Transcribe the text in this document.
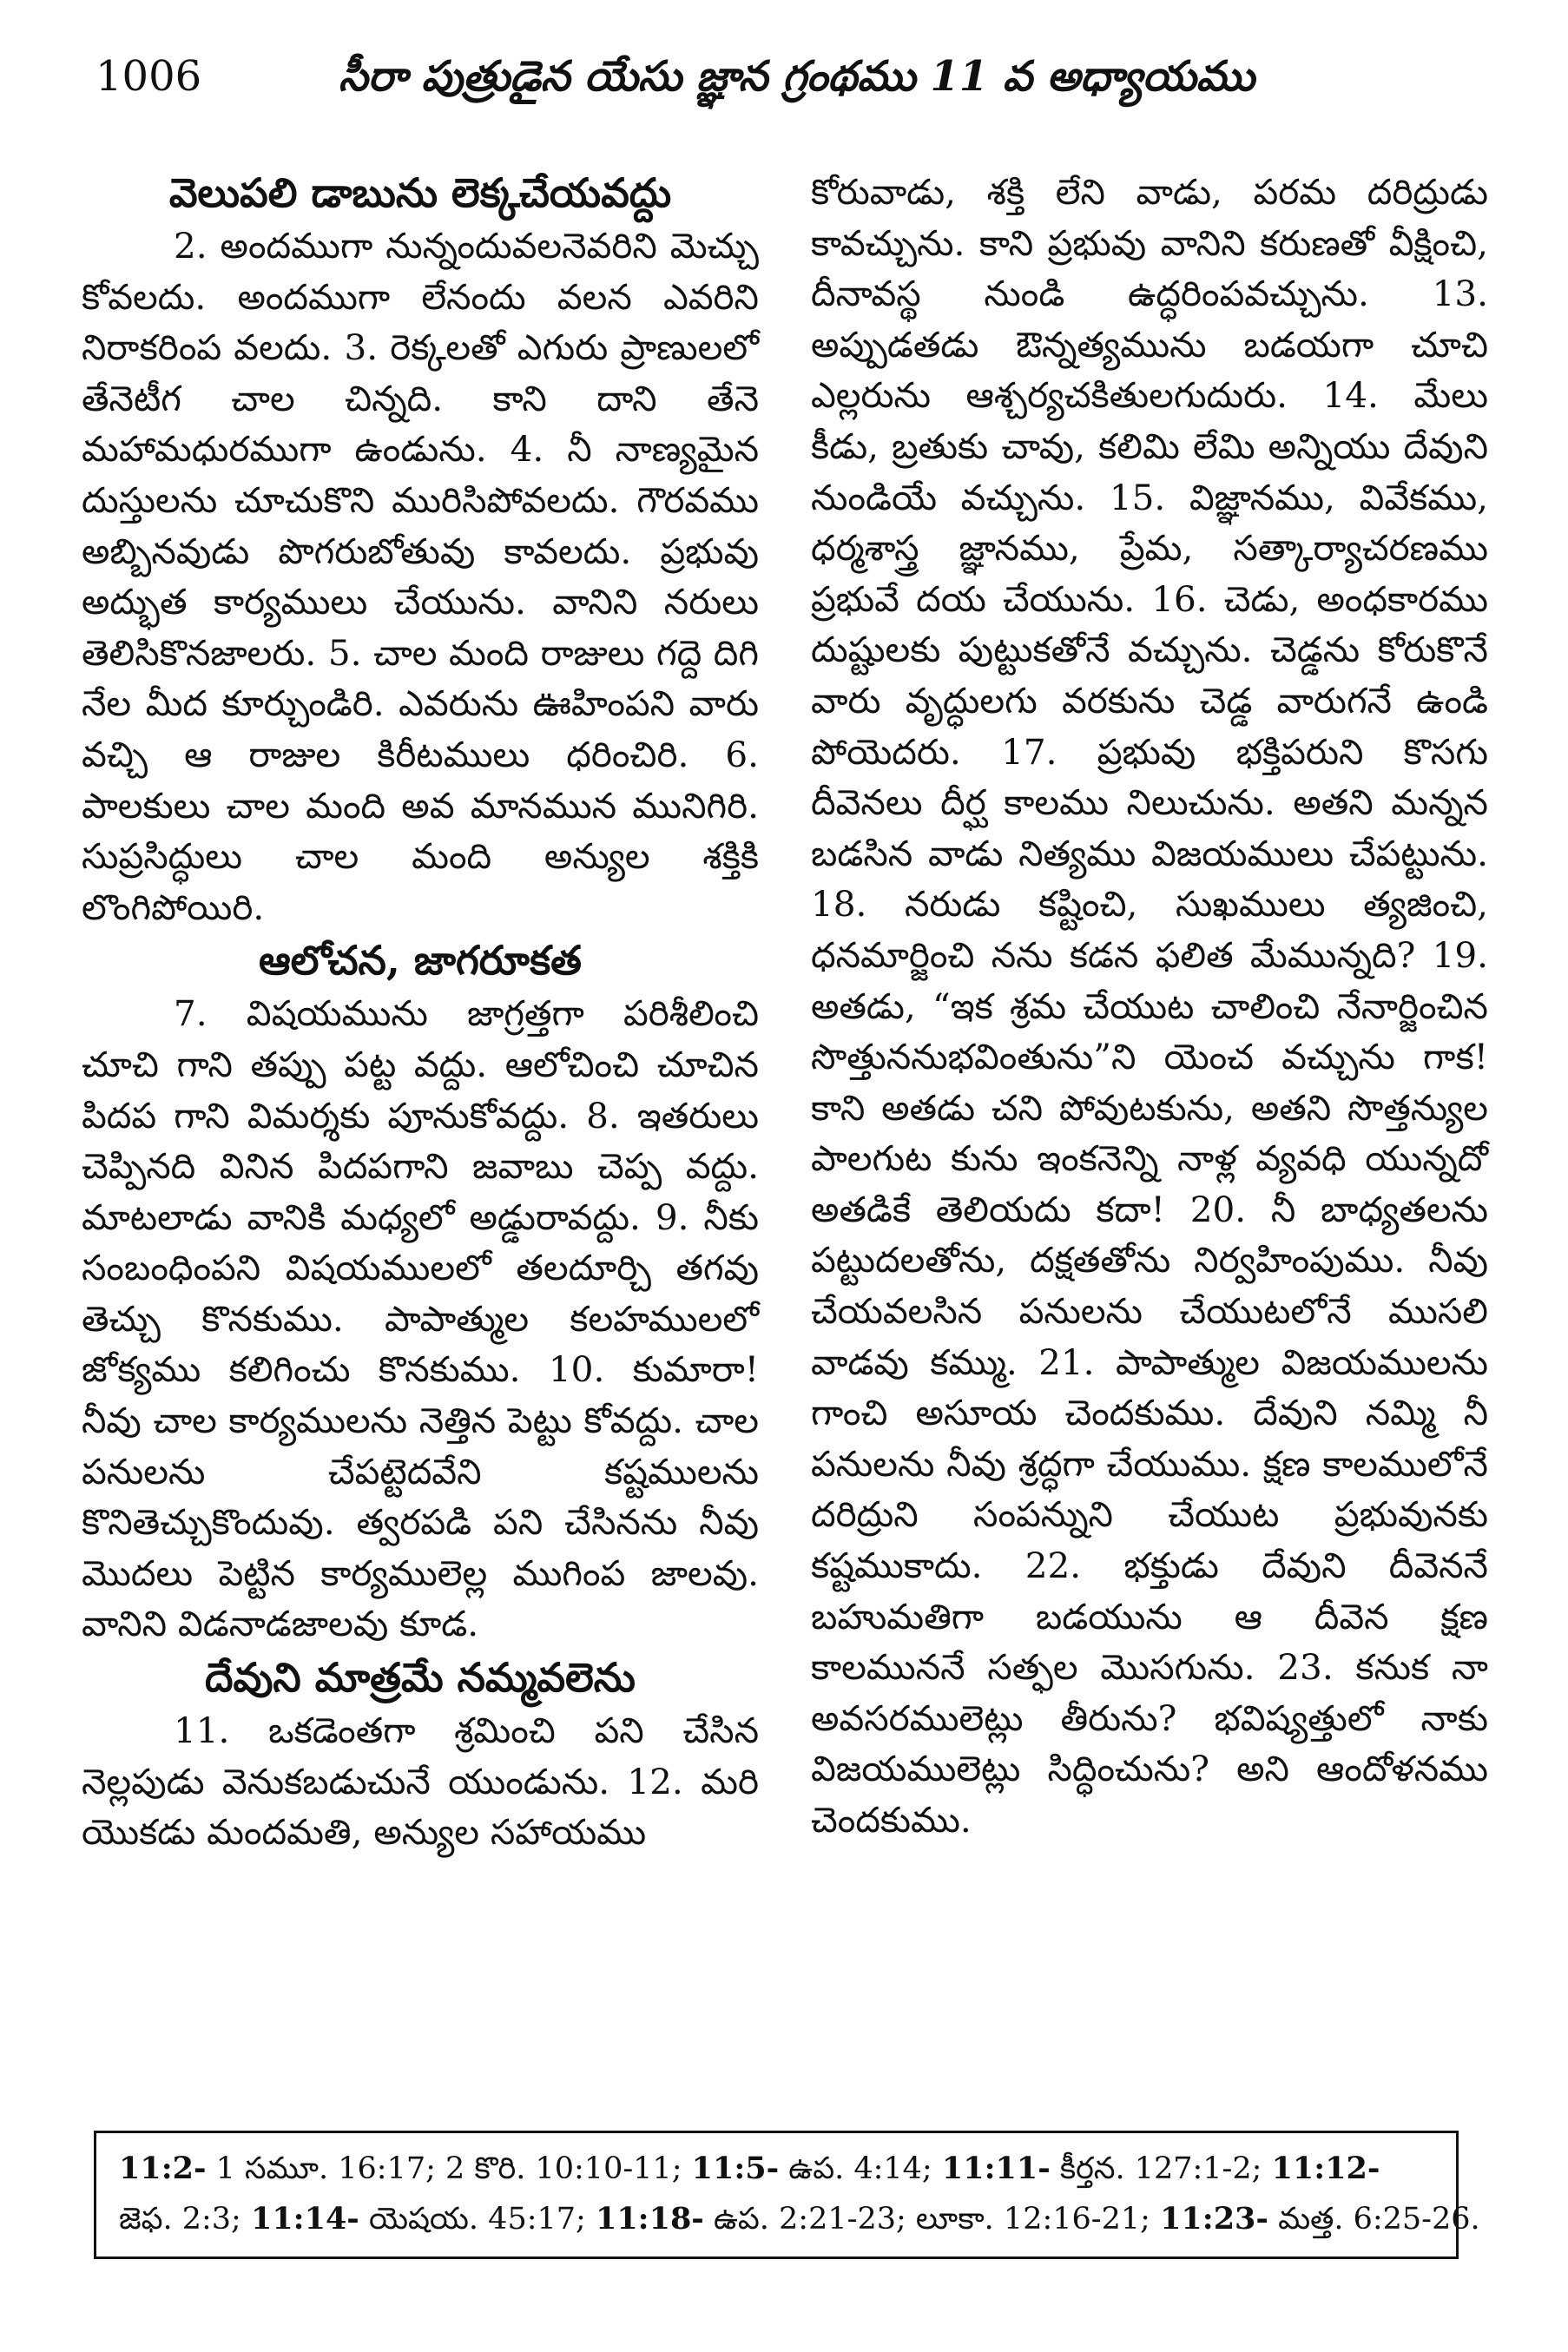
1006	సీరా పుత్రుడైన యేసు జ్ఞాన గ్రంథము 11 వ అధ్యాయము
వెలుపలి డాబును లెక్కచేయవద్దు

2. అందముగా నున్నందువలనెవరిని మెచ్చు కోవలదు. అందముగా లేనందు వలన ఎవరిని నిరాకరింప వలదు. 3. రెక్కలతో ఎగురు ప్రాణులలో తేనెటీగ చాల చిన్నది. కాని దాని తేనె మహామధురముగా ఉండును. 4. నీ నాణ్యమైన దుస్తులను చూచుకొని మురిసిపోవలదు. గౌరవము అబ్బినవుడు పొగరుబోతువు కావలదు. ప్రభువు అద్భుత కార్యములు చేయును. వానిని నరులు తెలిసికొనజాలరు. 5. చాల మంది రాజులు గద్దె దిగి నేల మీద కూర్చుండిరి. ఎవరును ఊహింపని వారు వచ్చి ఆ రాజుల కిరీటములు ధరించిరి. 6. పాలకులు చాల మంది అవ మానమున మునిగిరి. సుప్రసిద్ధులు చాల మంది అన్యుల శక్తికి లొంగిపోయిరి.

ఆలోచన, జాగరూకత

7. విషయమును జాగ్రత్తగా పరిశీలించి చూచి గాని తప్పు పట్ట వద్దు. ఆలోచించి చూచిన పిదప గాని విమర్శకు పూనుకోవద్దు. 8. ఇతరులు చెప్పినది వినిన పిదపగాని జవాబు చెప్ప వద్దు. మాటలాడు వానికి మధ్యలో అడ్డురావద్దు. 9. నీకు సంబంధింపని విషయములలో తలదూర్చి తగవు తెచ్చు కొనకుము. పాపాత్ముల కలహములలో జోక్యము కలిగించు కొనకుము. 10. కుమారా! నీవు చాల కార్యములను నెత్తిన పెట్టు కోవద్దు. చాల పనులను చేపట్టెదవేని కష్టములను కొనితెచ్చుకొందువు. త్వరపడి పని చేసినను నీవు మొదలు పెట్టిన కార్యములెల్ల ముగింప జాలవు. వానిని విడనాడజాలవు కూడ.

దేవుని మాత్రమే నమ్మవలెను

11. ఒకడెంతగా శ్రమించి పని చేసిన నెల్లపుడు వెనుకబడుచునే యుండును. 12. మరి యొకడు మందమతి, అన్యుల సహాయము

కోరువాడు, శక్తి లేని వాడు, పరమ దరిద్రుడు కావచ్చును. కాని ప్రభువు వానిని కరుణతో వీక్షించి, దీనావస్థ నుండి ఉద్ధరింపవచ్చును. 13. అప్పుడతడు ఔన్నత్యమును బడయగా చూచి ఎల్లరును ఆశ్చర్యచకితులగుదురు. 14. మేలు కీడు, బ్రతుకు చావు, కలిమి లేమి అన్నియు దేవుని నుండియే వచ్చును. 15. విజ్ఞానము, వివేకము, ధర్మశాస్త్ర జ్ఞానము, ప్రేమ, సత్కార్యాచరణము ప్రభువే దయ చేయును. 16. చెడు, అంధకారము దుష్టులకు పుట్టుకతోనే వచ్చును. చెడ్డను కోరుకొనే వారు వృద్ధులగు వరకును చెడ్డ వారుగనే ఉండి పోయెదరు. 17. ప్రభువు భక్తిపరుని కొసగు దీవెనలు దీర్ఘ కాలము నిలుచును. అతని మన్నన బడసిన వాడు నిత్యము విజయములు చేపట్టును. 18. నరుడు కష్టించి, సుఖములు త్యజించి, ధనమార్జించి నను కడన ఫలిత మేమున్నది? 19. అతడు, “ఇక శ్రమ చేయుట చాలించి నేనార్జించిన సొత్తుననుభవింతును”ని యెంచ వచ్చును గాక! కాని అతడు చని పోవుటకును, అతని సొత్తన్యుల పాలగుట కును ఇంకనెన్ని నాళ్ల వ్యవధి యున్నదో అతడికే తెలియదు కదా! 20. నీ బాధ్యతలను పట్టుదలతోను, దక్షతతోను నిర్వహింపుము. నీవు చేయవలసిన పనులను చేయుటలోనే ముసలి వాడవు కమ్ము. 21. పాపాత్ముల విజయములను గాంచి అసూయ చెందకుము. దేవుని నమ్మి నీ పనులను నీవు శ్రద్ధగా చేయుము. క్షణ కాలములోనే దరిద్రుని సంపన్నుని చేయుట ప్రభువునకు కష్టముకాదు. 22. భక్తుడు దేవుని దీవెననే బహుమతిగా బడయును ఆ దీవెన క్షణ కాలముననే సత్ఫల మొసగును. 23. కనుక నా అవసరములెట్లు తీరును? భవిష్యత్తులో నాకు విజయములెట్లు సిద్ధించును? అని ఆందోళనము చెందకుము.

11:2- 1 సమూ. 16:17; 2 కొరి. 10:10-11; 11:5- ఉప. 4:14; 11:11- కీర్తన. 127:1-2; 11:12-

జెఫ. 2:3; 11:14- యెషయ. 45:17; 11:18- ఉప. 2:21-23; లూకా. 12:16-21; 11:23- మత్త. 6:25-26.
